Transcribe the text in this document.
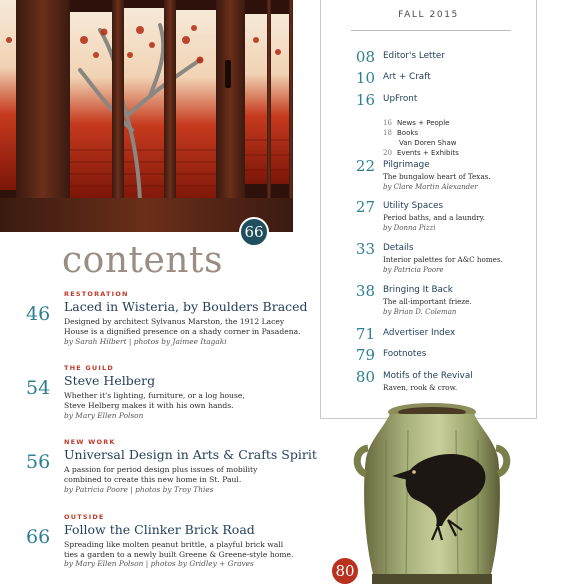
66
contents
46
RESTORATION
Laced in Wisteria, by Boulders Braced
Designed by architect Sylvanus Marston, the 1912 Lacey
House is a dignified presence on a shady corner in Pasadena.
by Sarah Hilbert | photos by Jaimee Itagaki
54
THE GUILD
Steve Helberg
Whether it's lighting, furniture, or a log house,
Steve Helberg makes it with his own hands.
by Mary Ellen Polson
56
NEW WORK
Universal Design in Arts & Crafts Spirit
A passion for period design plus issues of mobility
combined to create this new home in St. Paul.
by Patricia Poore | photos by Troy Thies
66
OUTSIDE
Follow the Clinker Brick Road
Spreading like molten peanut brittle, a playful brick wall
ties a garden to a newly built Greene & Greene-style home.
by Mary Ellen Polson | photos by Gridley + Graves
FALL 2015
08 Editor's Letter
10 Art + Craft
16 UpFront
16 News + People
18 Books
Van Doren Shaw
20 Events + Exhibits
22 Pilgrimage
The bungalow heart of Texas.
by Clare Martin Alexander
27 Utility Spaces
Period baths, and a laundry.
by Donna Pizzi
33 Details
Interior palettes for A&C homes.
by Patricia Poore
38 Bringing It Back
The all-important frieze.
by Brian D. Coleman
71 Advertiser Index
79 Footnotes
80 Motifs of the Revival
Raven, rook & crow.
80
